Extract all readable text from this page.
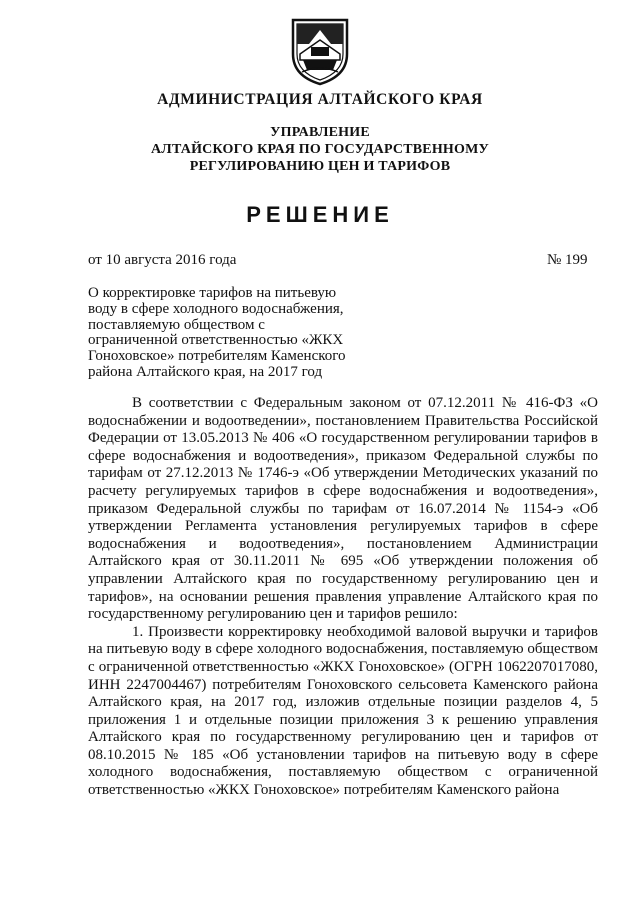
АДМИНИСТРАЦИЯ АЛТАЙСКОГО КРАЯ
УПРАВЛЕНИЕ
АЛТАЙСКОГО КРАЯ ПО ГОСУДАРСТВЕННОМУ
РЕГУЛИРОВАНИЮ ЦЕН И ТАРИФОВ
РЕШЕНИЕ
от 10 августа 2016 года	№ 199
О корректировке тарифов на питьевую воду в сфере холодного водоснабжения, поставляемую обществом с ограниченной ответственностью «ЖКХ Гоноховское» потребителям Каменского района Алтайского края, на 2017 год

В соответствии с Федеральным законом от 07.12.2011 № 416-ФЗ «О водоснабжении и водоотведении», постановлением Правительства Российской Федерации от 13.05.2013 № 406 «О государственном регулировании тарифов в сфере водоснабжения и водоотведения», приказом Федеральной службы по тарифам от 27.12.2013 № 1746-э «Об утверждении Методических указаний по расчету регулируемых тарифов в сфере водоснабжения и водоотведения», приказом Федеральной службы по тарифам от 16.07.2014 № 1154-э «Об утверждении Регламента установления регулируемых тарифов в сфере водоснабжения и водоотведения», постановлением Администрации Алтайского края от 30.11.2011 № 695 «Об утверждении положения об управлении Алтайского края по государственному регулированию цен и тарифов», на основании решения правления управление Алтайского края по государственному регулированию цен и тарифов решило:

1. Произвести корректировку необходимой валовой выручки и тарифов на питьевую воду в сфере холодного водоснабжения, поставляемую обществом с ограниченной ответственностью «ЖКХ Гоноховское» (ОГРН 1062207017080, ИНН 2247004467) потребителям Гоноховского сельсовета Каменского района Алтайского края, на 2017 год, изложив отдельные позиции разделов 4, 5 приложения 1 и отдельные позиции приложения 3 к решению управления Алтайского края по государственному регулированию цен и тарифов от 08.10.2015 № 185 «Об установлении тарифов на питьевую воду в сфере холодного водоснабжения, поставляемую обществом с ограниченной ответственностью «ЖКХ Гоноховское» потребителям Каменского района
